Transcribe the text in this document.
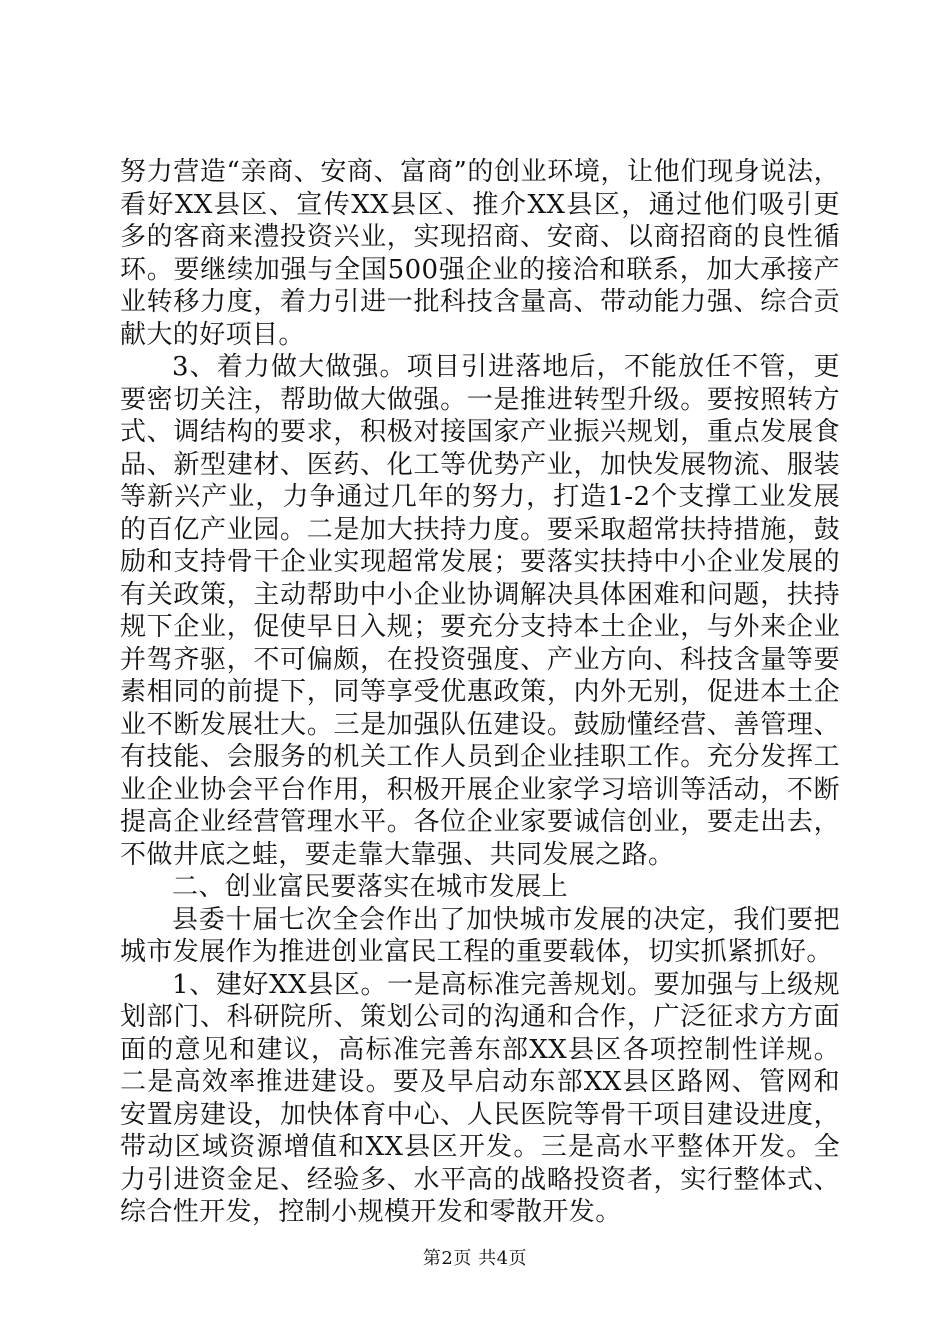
努力营造“亲商、安商、富商”的创业环境，让他们现身说法，看好XX县区、宣传XX县区、推介XX县区，通过他们吸引更多的客商来澧投资兴业，实现招商、安商、以商招商的良性循环。要继续加强与全国500强企业的接洽和联系，加大承接产业转移力度，着力引进一批科技含量高、带动能力强、综合贡献大的好项目。

3、着力做大做强。项目引进落地后，不能放任不管，更要密切关注，帮助做大做强。一是推进转型升级。要按照转方式、调结构的要求，积极对接国家产业振兴规划，重点发展食品、新型建材、医药、化工等优势产业，加快发展物流、服装等新兴产业，力争通过几年的努力，打造1-2个支撑工业发展的百亿产业园。二是加大扶持力度。要采取超常扶持措施，鼓励和支持骨干企业实现超常发展；要落实扶持中小企业发展的有关政策，主动帮助中小企业协调解决具体困难和问题，扶持规下企业，促使早日入规；要充分支持本土企业，与外来企业并驾齐驱，不可偏颇，在投资强度、产业方向、科技含量等要素相同的前提下，同等享受优惠政策，内外无别，促进本土企业不断发展壮大。三是加强队伍建设。鼓励懂经营、善管理、有技能、会服务的机关工作人员到企业挂职工作。充分发挥工业企业协会平台作用，积极开展企业家学习培训等活动，不断提高企业经营管理水平。各位企业家要诚信创业，要走出去，不做井底之蛙，要走靠大靠强、共同发展之路。

二、创业富民要落实在城市发展上

县委十届七次全会作出了加快城市发展的决定，我们要把城市发展作为推进创业富民工程的重要载体，切实抓紧抓好。

1、建好XX县区。一是高标准完善规划。要加强与上级规划部门、科研院所、策划公司的沟通和合作，广泛征求方方面面的意见和建议，高标准完善东部XX县区各项控制性详规。二是高效率推进建设。要及早启动东部XX县区路网、管网和安置房建设，加快体育中心、人民医院等骨干项目建设进度，带动区域资源增值和XX县区开发。三是高水平整体开发。全力引进资金足、经验多、水平高的战略投资者，实行整体式、综合性开发，控制小规模开发和零散开发。

第2页 共4页
